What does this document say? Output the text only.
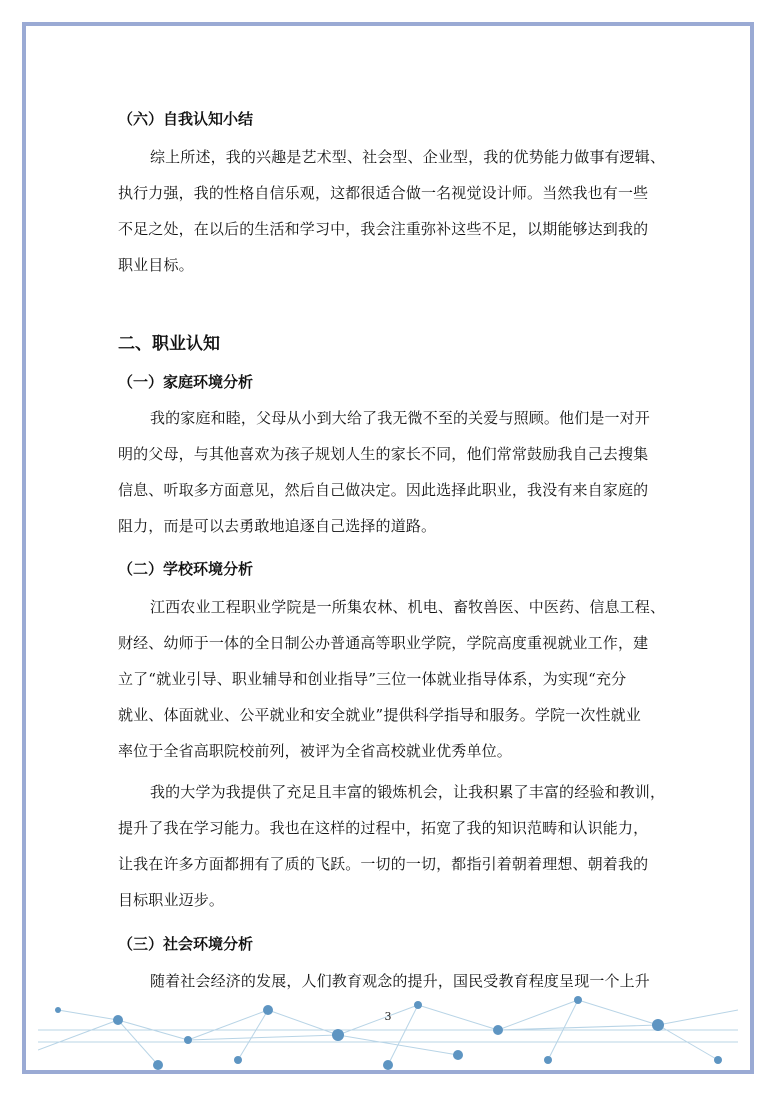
（六）自我认知小结
综上所述，我的兴趣是艺术型、社会型、企业型，我的优势能力做事有逻辑、
执行力强，我的性格自信乐观，这都很适合做一名视觉设计师。当然我也有一些
不足之处，在以后的生活和学习中，我会注重弥补这些不足，以期能够达到我的
职业目标。
二、职业认知
（一）家庭环境分析
我的家庭和睦，父母从小到大给了我无微不至的关爱与照顾。他们是一对开
明的父母，与其他喜欢为孩子规划人生的家长不同，他们常常鼓励我自己去搜集
信息、听取多方面意见，然后自己做决定。因此选择此职业，我没有来自家庭的
阻力，而是可以去勇敢地追逐自己选择的道路。
（二）学校环境分析
江西农业工程职业学院是一所集农林、机电、畜牧兽医、中医药、信息工程、
财经、幼师于一体的全日制公办普通高等职业学院，学院高度重视就业工作，建
立了“就业引导、职业辅导和创业指导”三位一体就业指导体系，为实现“充分
就业、体面就业、公平就业和安全就业”提供科学指导和服务。学院一次性就业
率位于全省高职院校前列，被评为全省高校就业优秀单位。
我的大学为我提供了充足且丰富的锻炼机会，让我积累了丰富的经验和教训，
提升了我在学习能力。我也在这样的过程中，拓宽了我的知识范畴和认识能力，
让我在许多方面都拥有了质的飞跃。一切的一切，都指引着朝着理想、朝着我的
目标职业迈步。
（三）社会环境分析
随着社会经济的发展，人们教育观念的提升，国民受教育程度呈现一个上升
3
